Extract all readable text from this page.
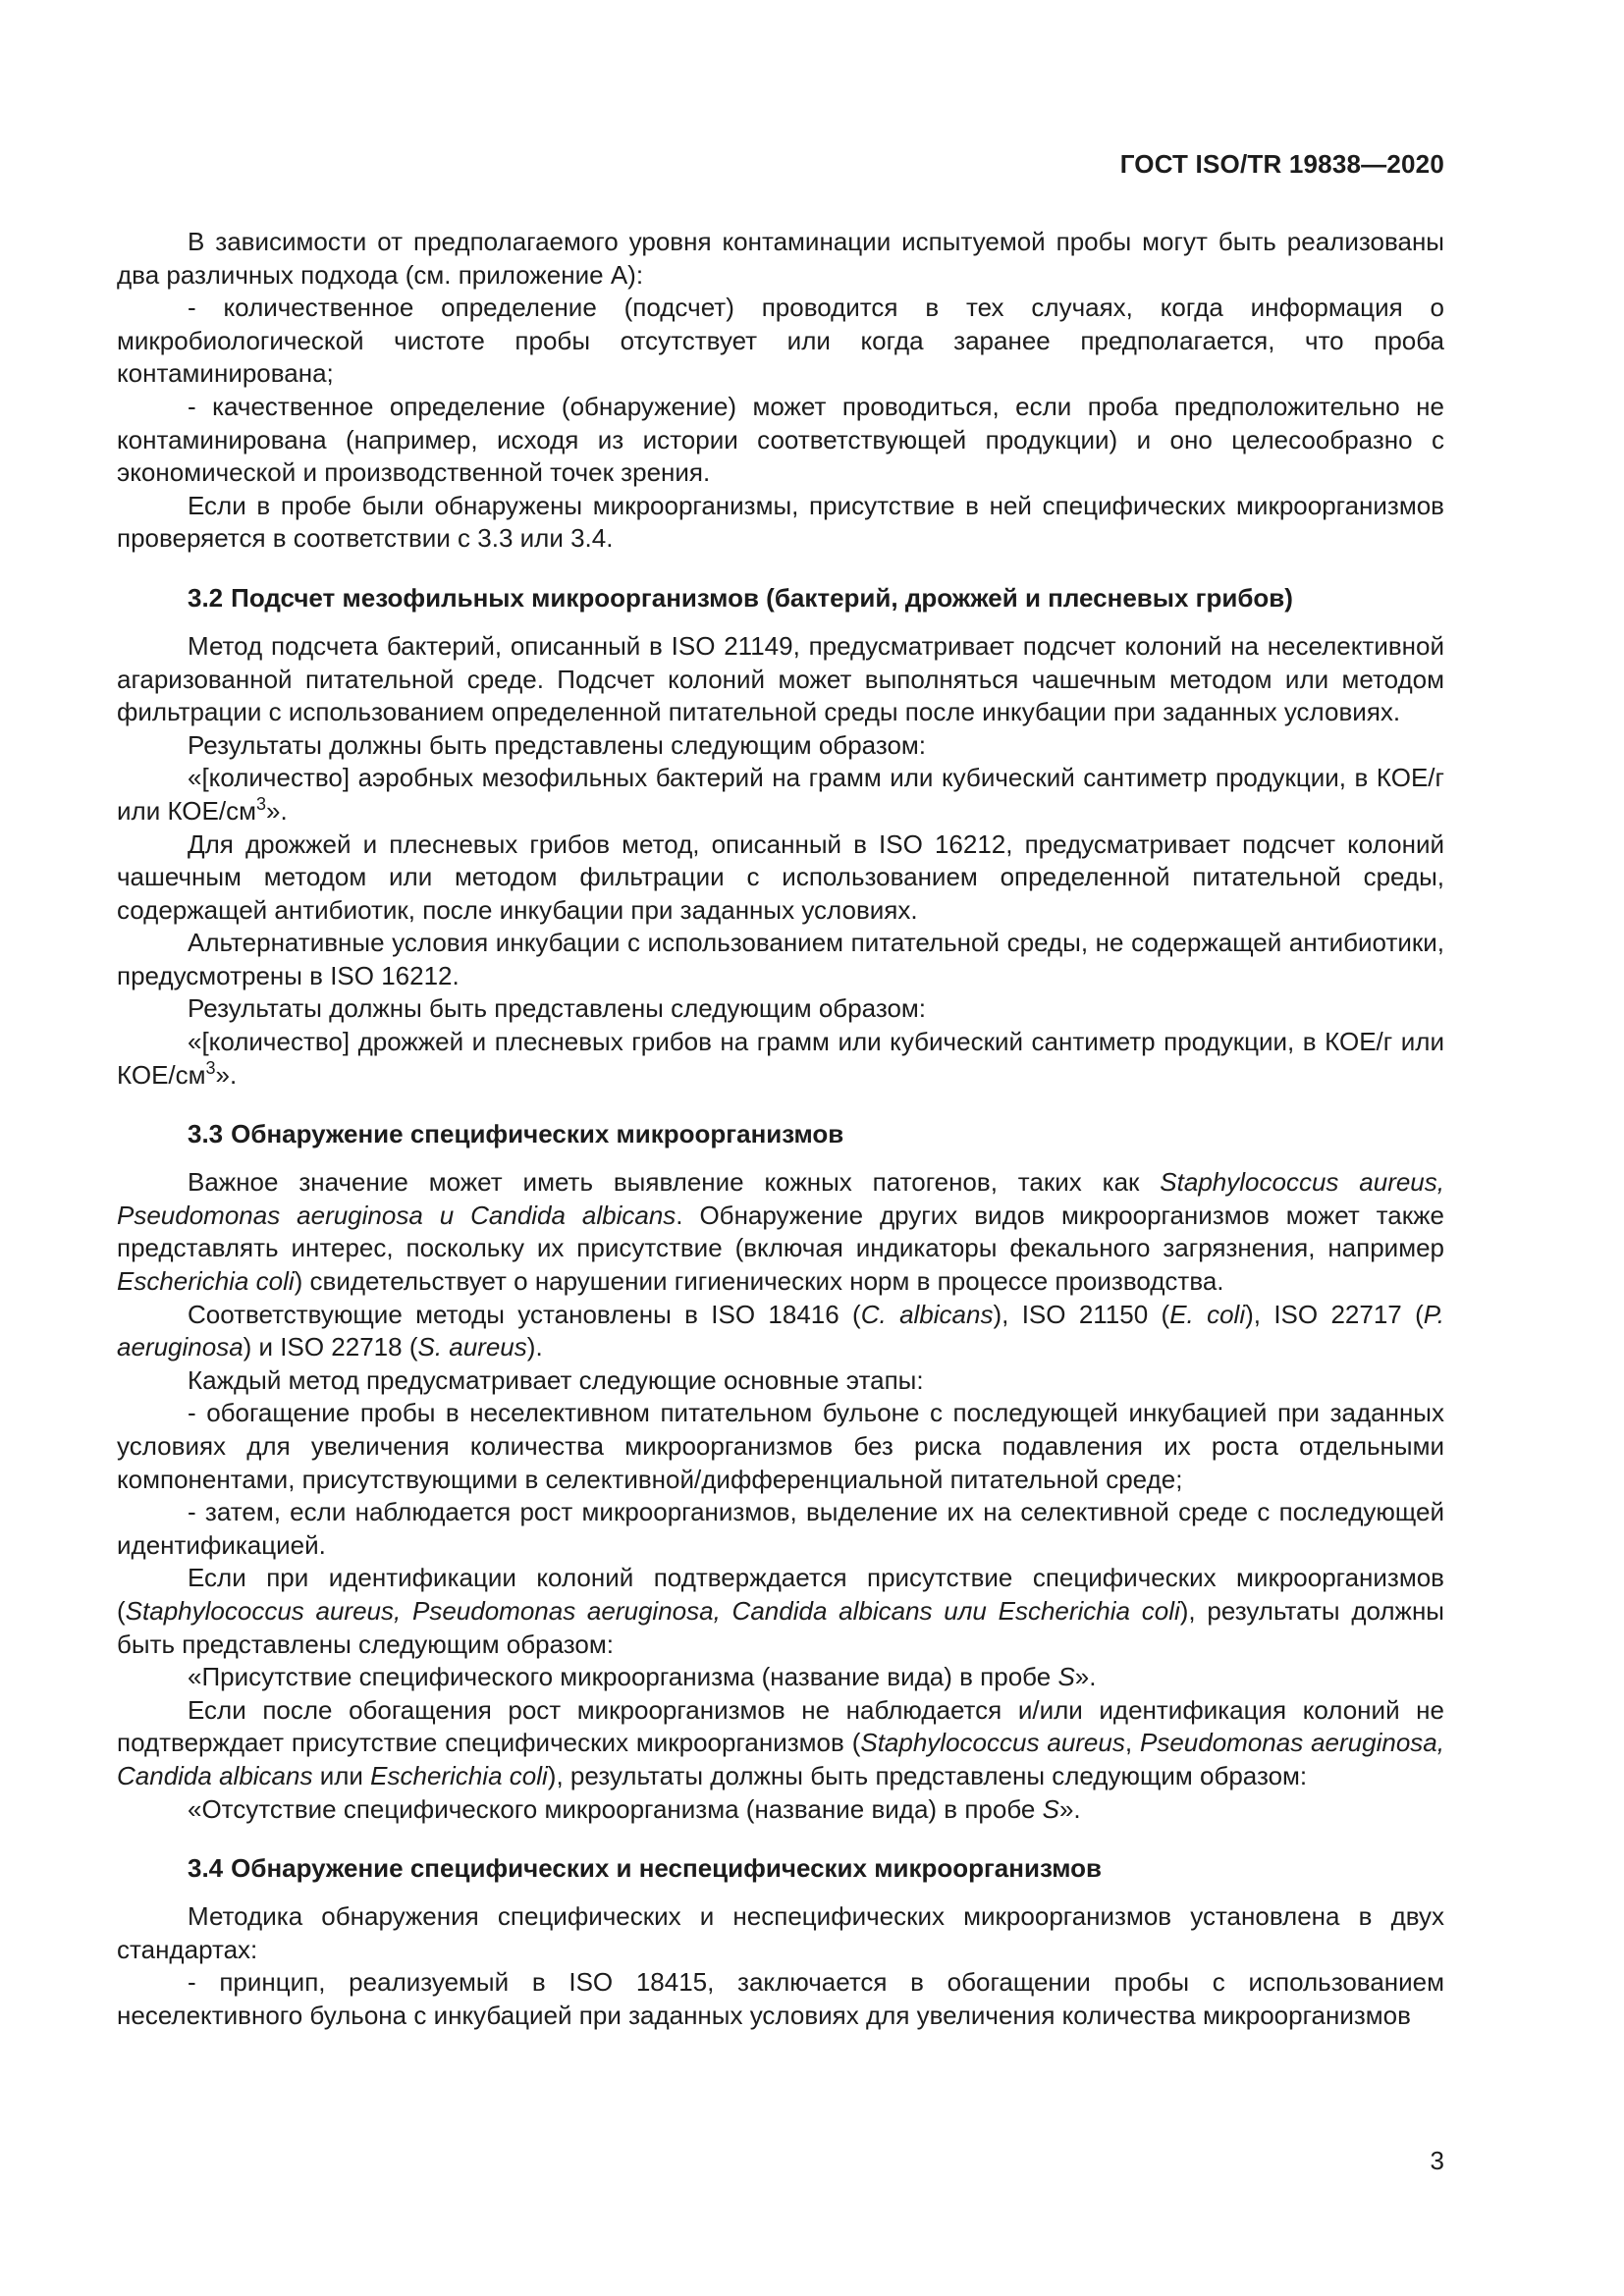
ГОСТ ISO/TR 19838—2020

В зависимости от предполагаемого уровня контаминации испытуемой пробы могут быть реализованы два различных подхода (см. приложение А):

- количественное определение (подсчет) проводится в тех случаях, когда информация о микробиологической чистоте пробы отсутствует или когда заранее предполагается, что проба контаминирована;

- качественное определение (обнаружение) может проводиться, если проба предположительно не контаминирована (например, исходя из истории соответствующей продукции) и оно целесообразно с экономической и производственной точек зрения.

Если в пробе были обнаружены микроорганизмы, присутствие в ней специфических микроорганизмов проверяется в соответствии с 3.3 или 3.4.

3.2 Подсчет мезофильных микроорганизмов (бактерий, дрожжей и плесневых грибов)

Метод подсчета бактерий, описанный в ISO 21149, предусматривает подсчет колоний на неселективной агаризованной питательной среде. Подсчет колоний может выполняться чашечным методом или методом фильтрации с использованием определенной питательной среды после инкубации при заданных условиях.

Результаты должны быть представлены следующим образом:

«[количество] аэробных мезофильных бактерий на грамм или кубический сантиметр продукции, в КОЕ/г или КОЕ/$см^3$».

Для дрожжей и плесневых грибов метод, описанный в ISO 16212, предусматривает подсчет колоний чашечным методом или методом фильтрации с использованием определенной питательной среды, содержащей антибиотик, после инкубации при заданных условиях.

Альтернативные условия инкубации с использованием питательной среды, не содержащей антибиотики, предусмотрены в ISO 16212.

Результаты должны быть представлены следующим образом:

«[количество] дрожжей и плесневых грибов на грамм или кубический сантиметр продукции, в КОЕ/г или КОЕ/$см^3$».

3.3 Обнаружение специфических микроорганизмов

Важное значение может иметь выявление кожных патогенов, таких как Staphylococcus aureus, Pseudomonas aeruginosa и Candida albicans. Обнаружение других видов микроорганизмов может также представлять интерес, поскольку их присутствие (включая индикаторы фекального загрязнения, например Escherichia coli) свидетельствует о нарушении гигиенических норм в процессе производства.

Соответствующие методы установлены в ISO 18416 (C. albicans), ISO 21150 (E. coli), ISO 22717 (P. aeruginosa) и ISO 22718 (S. aureus).

Каждый метод предусматривает следующие основные этапы:

- обогащение пробы в неселективном питательном бульоне с последующей инкубацией при заданных условиях для увеличения количества микроорганизмов без риска подавления их роста отдельными компонентами, присутствующими в селективной/дифференциальной питательной среде;

- затем, если наблюдается рост микроорганизмов, выделение их на селективной среде с последующей идентификацией.

Если при идентификации колоний подтверждается присутствие специфических микроорганизмов (Staphylococcus aureus, Pseudomonas aeruginosa, Candida albicans или Escherichia coli), результаты должны быть представлены следующим образом:

«Присутствие специфического микроорганизма (название вида) в пробе S».

Если после обогащения рост микроорганизмов не наблюдается и/или идентификация колоний не подтверждает присутствие специфических микроорганизмов (Staphylococcus aureus, Pseudomonas aeruginosa, Candida albicans или Escherichia coli), результаты должны быть представлены следующим образом:

«Отсутствие специфического микроорганизма (название вида) в пробе S».

3.4 Обнаружение специфических и неспецифических микроорганизмов

Методика обнаружения специфических и неспецифических микроорганизмов установлена в двух стандартах:

- принцип, реализуемый в ISO 18415, заключается в обогащении пробы с использованием неселективного бульона с инкубацией при заданных условиях для увеличения количества микроорганизмов

3
